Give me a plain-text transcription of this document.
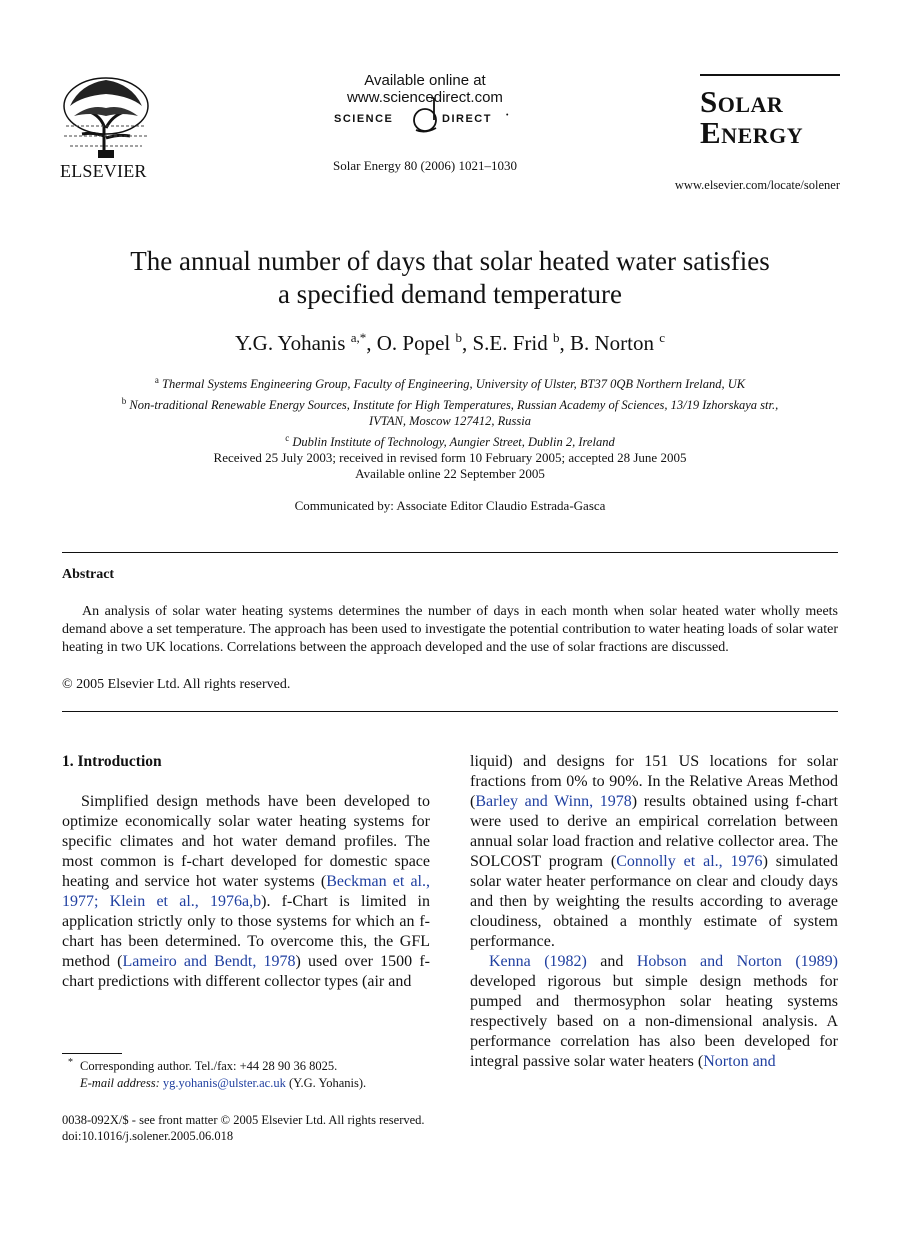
ELSEVIER
Available online at www.sciencedirect.com
SCIENCE	DIRECT •
Solar Energy 80 (2006) 1021–1030
Solar
Energy
www.elsevier.com/locate/solener
The annual number of days that solar heated water satisfies
a specified demand temperature
Y.G. Yohanis $^{a,*}$, O. Popel $^b$, S.E. Frid $^b$, B. Norton $^c$
$^a$ Thermal Systems Engineering Group, Faculty of Engineering, University of Ulster, BT37 0QB Northern Ireland, UK
$^b$ Non-traditional Renewable Energy Sources, Institute for High Temperatures, Russian Academy of Sciences, 13/19 Izhorskaya str.,
IVTAN, Moscow 127412, Russia
$^c$ Dublin Institute of Technology, Aungier Street, Dublin 2, Ireland
Received 25 July 2003; received in revised form 10 February 2005; accepted 28 June 2005
Available online 22 September 2005
Communicated by: Associate Editor Claudio Estrada-Gasca
Abstract
An analysis of solar water heating systems determines the number of days in each month when solar heated water wholly meets demand above a set temperature. The approach has been used to investigate the potential contribution to water heating loads of solar water heating in two UK locations. Correlations between the approach developed and the use of solar fractions are discussed.
© 2005 Elsevier Ltd. All rights reserved.

1. Introduction

Simplified design methods have been developed to optimize economically solar water heating systems for specific climates and hot water demand profiles. The most common is f-chart developed for domestic space heating and service hot water systems (Beckman et al., 1977; Klein et al., 1976a,b). f-Chart is limited in application strictly only to those systems for which an f-chart has been determined. To overcome this, the GFL method (Lameiro and Bendt, 1978) used over 1500 f-chart predictions with different collector types (air and

liquid) and designs for 151 US locations for solar fractions from 0% to 90%. In the Relative Areas Method (Barley and Winn, 1978) results obtained using f-chart were used to derive an empirical correlation between annual solar load fraction and relative collector area. The SOLCOST program (Connolly et al., 1976) simulated solar water heater performance on clear and cloudy days and then by weighting the results according to average cloudiness, obtained a monthly estimate of system performance.

Kenna (1982) and Hobson and Norton (1989) developed rigorous but simple design methods for pumped and thermosyphon solar heating systems respectively based on a non-dimensional analysis. A performance correlation has also been developed for integral passive solar water heaters (Norton and

* Corresponding author. Tel./fax: +44 28 90 36 8025.
E-mail address: yg.yohanis@ulster.ac.uk (Y.G. Yohanis).
0038-092X/$ - see front matter © 2005 Elsevier Ltd. All rights reserved.
doi:10.1016/j.solener.2005.06.018
